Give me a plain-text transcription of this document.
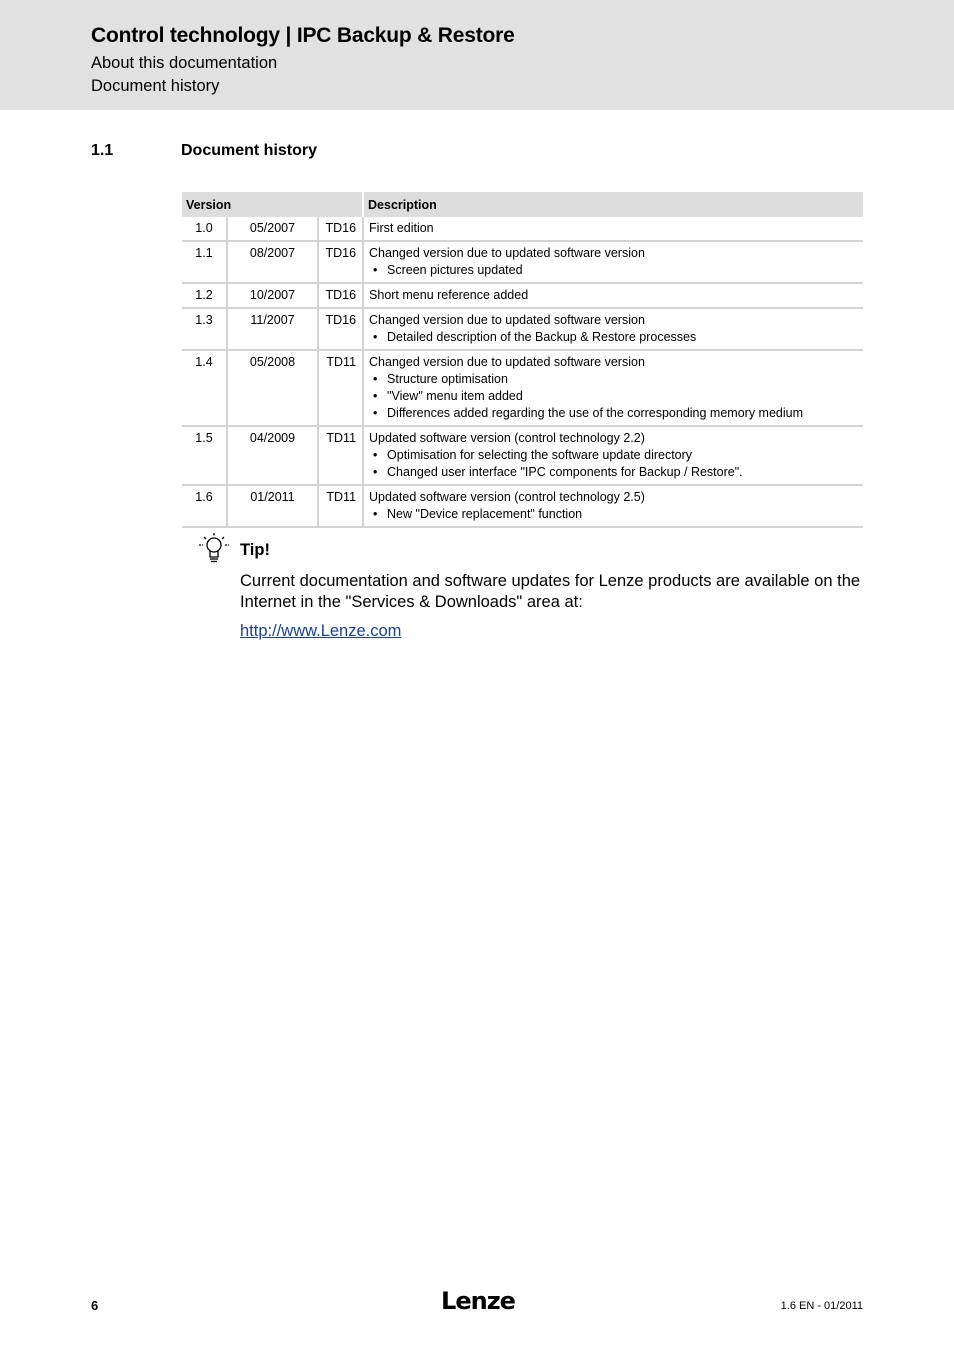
Control technology | IPC Backup & Restore
About this documentation
Document history
1.1	Document history
Version			Description
1.0	05/2007	TD16	First edition

1.1	08/2007	TD16	Changed version due to updated software version
• Screen pictures updated

1.2	10/2007	TD16	Short menu reference added

1.3	11/2007	TD16	Changed version due to updated software version
• Detailed description of the Backup & Restore processes

1.4	05/2008	TD11	Changed version due to updated software version
• Structure optimisation
• "View" menu item added
• Differences added regarding the use of the corresponding memory medium

1.5	04/2009	TD11	Updated software version (control technology 2.2)
• Optimisation for selecting the software update directory
• Changed user interface "IPC components for Backup / Restore".

1.6	01/2011	TD11	Updated software version (control technology 2.5)
• New "Device replacement" function
Tip!
Current documentation and software updates for Lenze products are available on the Internet in the "Services & Downloads" area at:
http://www.Lenze.com
6	Lenze	1.6 EN - 01/2011
